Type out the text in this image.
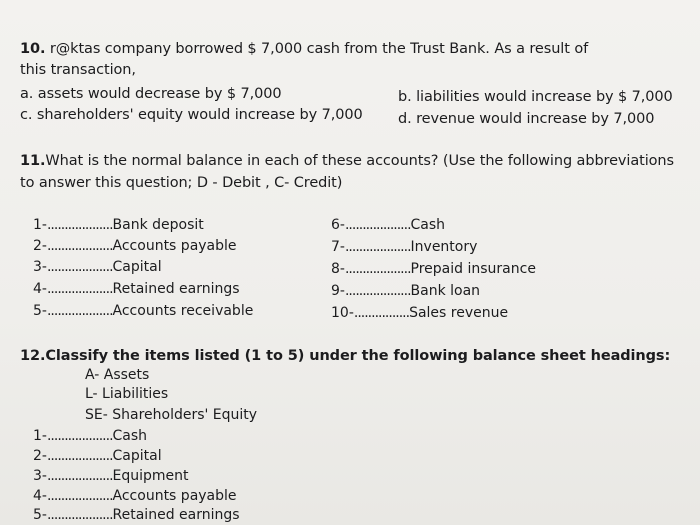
10. r@ktas company borrowed $ 7,000 cash from the Trust Bank. As a result of
this transaction,
a. assets would decrease by $ 7,000	b. liabilities would increase by $ 7,000
c. shareholders' equity would increase by 7,000 d. revenue would increase by 7,000
11.What is the normal balance in each of these accounts? (Use the following abbreviations
to answer this question; D - Debit , C- Credit)
1-...................Bank deposit
2-...................Accounts payable
3-...................Capital
4-...................Retained earnings
5-...................Accounts receivable
6-...................Cash
7-...................Inventory
8-...................Prepaid insurance
9-...................Bank loan
10-................Sales revenue
12.Classify the items listed (1 to 5) under the following balance sheet headings:
A- Assets
L- Liabilities
SE- Shareholders' Equity
1-...................Cash
2-...................Capital
3-...................Equipment
4-...................Accounts payable
5-...................Retained earnings
